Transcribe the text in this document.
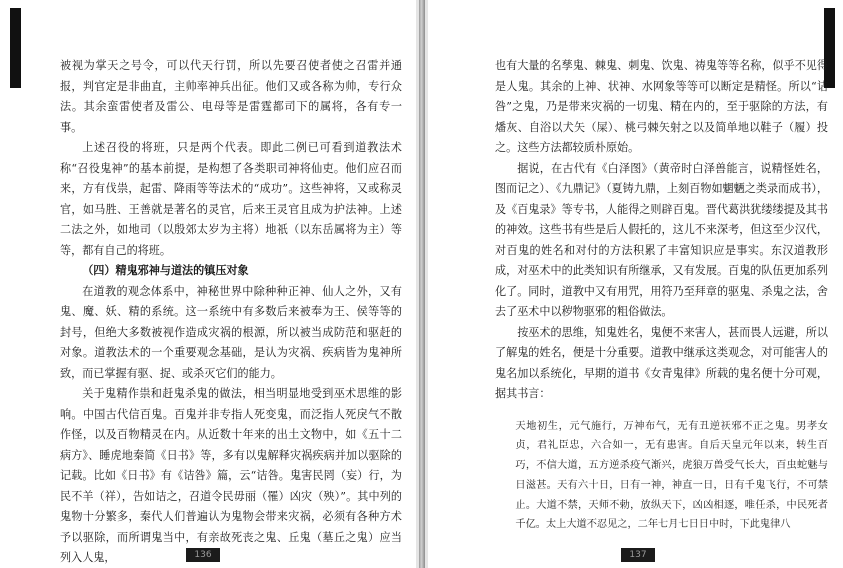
被视为掌天之号令，可以代天行罚，所以先要召使者使之召雷并通报，判官定是非曲直，主帅率神兵出征。他们又或各称为帅，专行众法。其余蛮雷使者及雷公、电母等是雷霆都司下的属将，各有专一事。

上述召役的将班，只是两个代表。即此二例已可看到道教法术称“召役鬼神”的基本前提，是构想了各类职司神将仙吏。他们应召而来，方有伐祟，起雷、降雨等等法术的“成功”。这些神将，又或称灵官，如马胜、王善就是著名的灵官，后来王灵官且成为护法神。上述二法之外，如地司（以殷郊太岁为主将）地祇（以东岳属将为主）等等，都有自己的将班。

（四）精鬼邪神与道法的镇压对象

在道教的观念体系中，神秘世界中除种种正神、仙人之外，又有鬼、魔、妖、精的系统。这一系统中有多数后来被奉为王、侯等等的封号，但绝大多数被视作造成灾祸的根源，所以被当成防范和驱赶的对象。道教法术的一个重要观念基础，是认为灾祸、疾病皆为鬼神所致，而已掌握有驱、捉、或杀灭它们的能力。

关于鬼精作祟和赶鬼杀鬼的做法，相当明显地受到巫术思维的影响。中国古代信百鬼。百鬼并非专指人死变鬼，而泛指人死戾气不散作怪，以及百物精灵在内。从近数十年来的出土文物中，如《五十二病方》、睡虎地秦简《日书》等，多有以鬼解释灾祸疾病并加以驱除的记载。比如《日书》有《诘咎》篇，云“诘咎。鬼害民罔（妄）行，为民不羊（祥），告如诘之，召道令民毋丽（罹）凶灾（殃）”。其中列的鬼物十分繁多，秦代人们普遍认为鬼物会带来灾祸，必须有各种方术予以驱除，而所谓鬼当中，有亲故死丧之鬼、丘鬼（墓丘之鬼）应当列入人鬼，	136

也有大量的名孳鬼、棘鬼、刺鬼、饮鬼、祷鬼等等名称，似乎不见得是人鬼。其余的上神、状神、水网象等等可以断定是精怪。所以“诘咎”之鬼，乃是带来灾祸的一切鬼、精在内的，至于驱除的方法，有燔灰、自浴以犬矢（屎）、桃弓棘矢射之以及简单地以鞋子（履）投之。这些方法都较质朴原始。

据说，在古代有《白泽图》（黄帝时白泽兽能言，说精怪姓名，图而记之）、《九鼎记》（夏铸九鼎，上刻百物如魍魉之类录而成书），及《百鬼录》等专书，人能得之则辟百鬼。晋代葛洪犹缕缕提及其书的神效。这些书有些是后人假托的，这儿不来深考，但这至少汉代，对百鬼的姓名和对付的方法积累了丰富知识应是事实。东汉道教形成，对巫术中的此类知识有所继承，又有发展。百鬼的队伍更加系列化了。同时，道教中又有用咒，用符乃至拜章的驱鬼、杀鬼之法，舍去了巫术中以秽物驱邪的粗俗做法。

按巫术的思维，知鬼姓名，鬼便不来害人，甚而畏人远避，所以了解鬼的姓名，便是十分重要。道教中继承这类观念，对可能害人的鬼名加以系统化，早期的道书《女青鬼律》所载的鬼名便十分可观，据其书言：

天地初生，元气施行，万神布气，无有丑逆祆邪不正之鬼。男孝女贞，君礼臣忠，六合如一，无有患害。自后天皇元年以来，转生百巧，不信大道，五方逆杀疫气渐兴，虎狼万兽受气长大，百虫蛇魅与日滋甚。天有六十日，日有一神，神直一日，日有千鬼飞行，不可禁止。大道不禁，天师不勅，放纵天下，凶凶相逐，唯任杀，中民死者千亿。太上大道不忍见之，二年七月七日日中时，下此鬼律八

137
